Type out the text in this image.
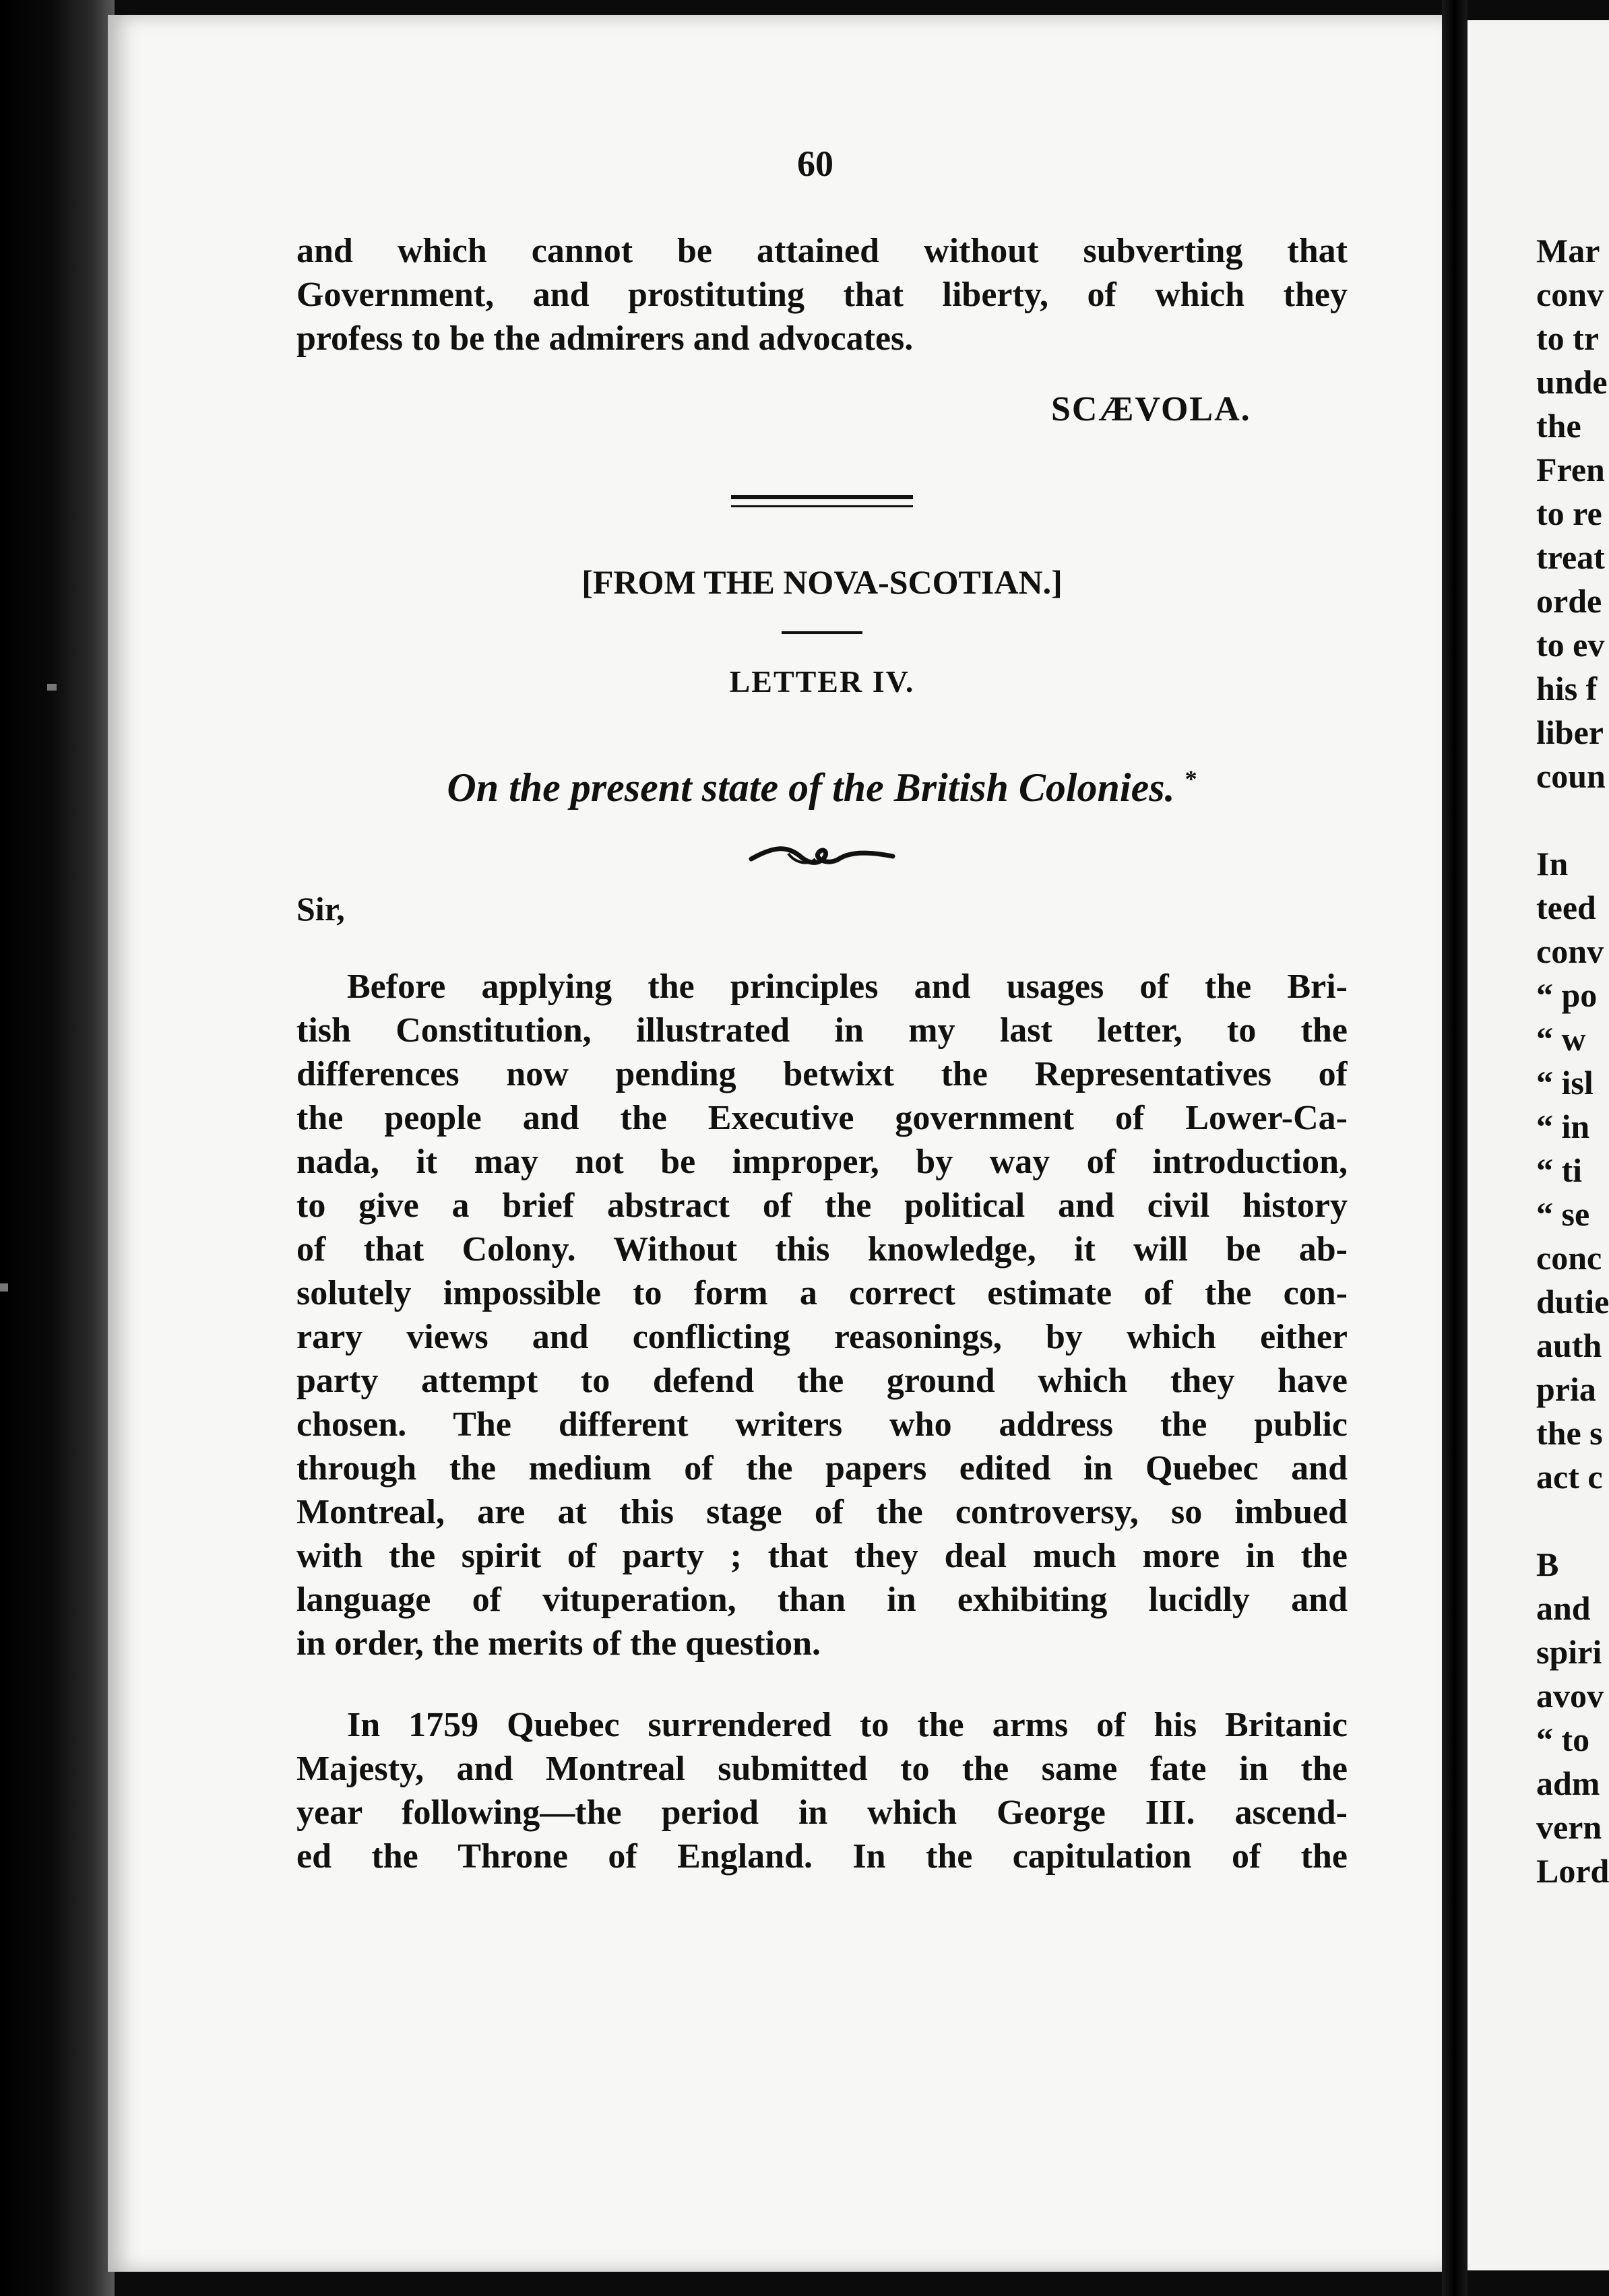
60
and which cannot be attained without subverting that
Government, and prostituting that liberty, of which they
profess to be the admirers and advocates.
SCÆVOLA.
[FROM THE NOVA-SCOTIAN.]
LETTER IV.
On the present state of the British Colonies. *
Sir,
Before applying the principles and usages of the Bri-
tish Constitution, illustrated in my last letter, to the
differences now pending betwixt the Representatives of
the people and the Executive government of Lower-Ca-
nada, it may not be improper, by way of introduction,
to give a brief abstract of the political and civil history
of that Colony. Without this knowledge, it will be ab-
solutely impossible to form a correct estimate of the con-
rary views and conflicting reasonings, by which either
party attempt to defend the ground which they have
chosen. The different writers who address the public
through the medium of the papers edited in Quebec and
Montreal, are at this stage of the controversy, so imbued
with the spirit of party ; that they deal much more in the
language of vituperation, than in exhibiting lucidly and
in order, the merits of the question.
In 1759 Quebec surrendered to the arms of his Britanic
Majesty, and Montreal submitted to the same fate in the
year following—the period in which George III. ascend-
ed the Throne of England. In the capitulation of the
Mar
conv
to tr
unde
the
Fren
to re
treat
orde
to ev
his f
liber
coun
In
teed
conv
“ po
“ w
“ isl
“ in
“ ti
“ se
conc
dutie
auth
pria
the s
act c
B
and
spiri
avov
“ to
adm
vern
Lord
